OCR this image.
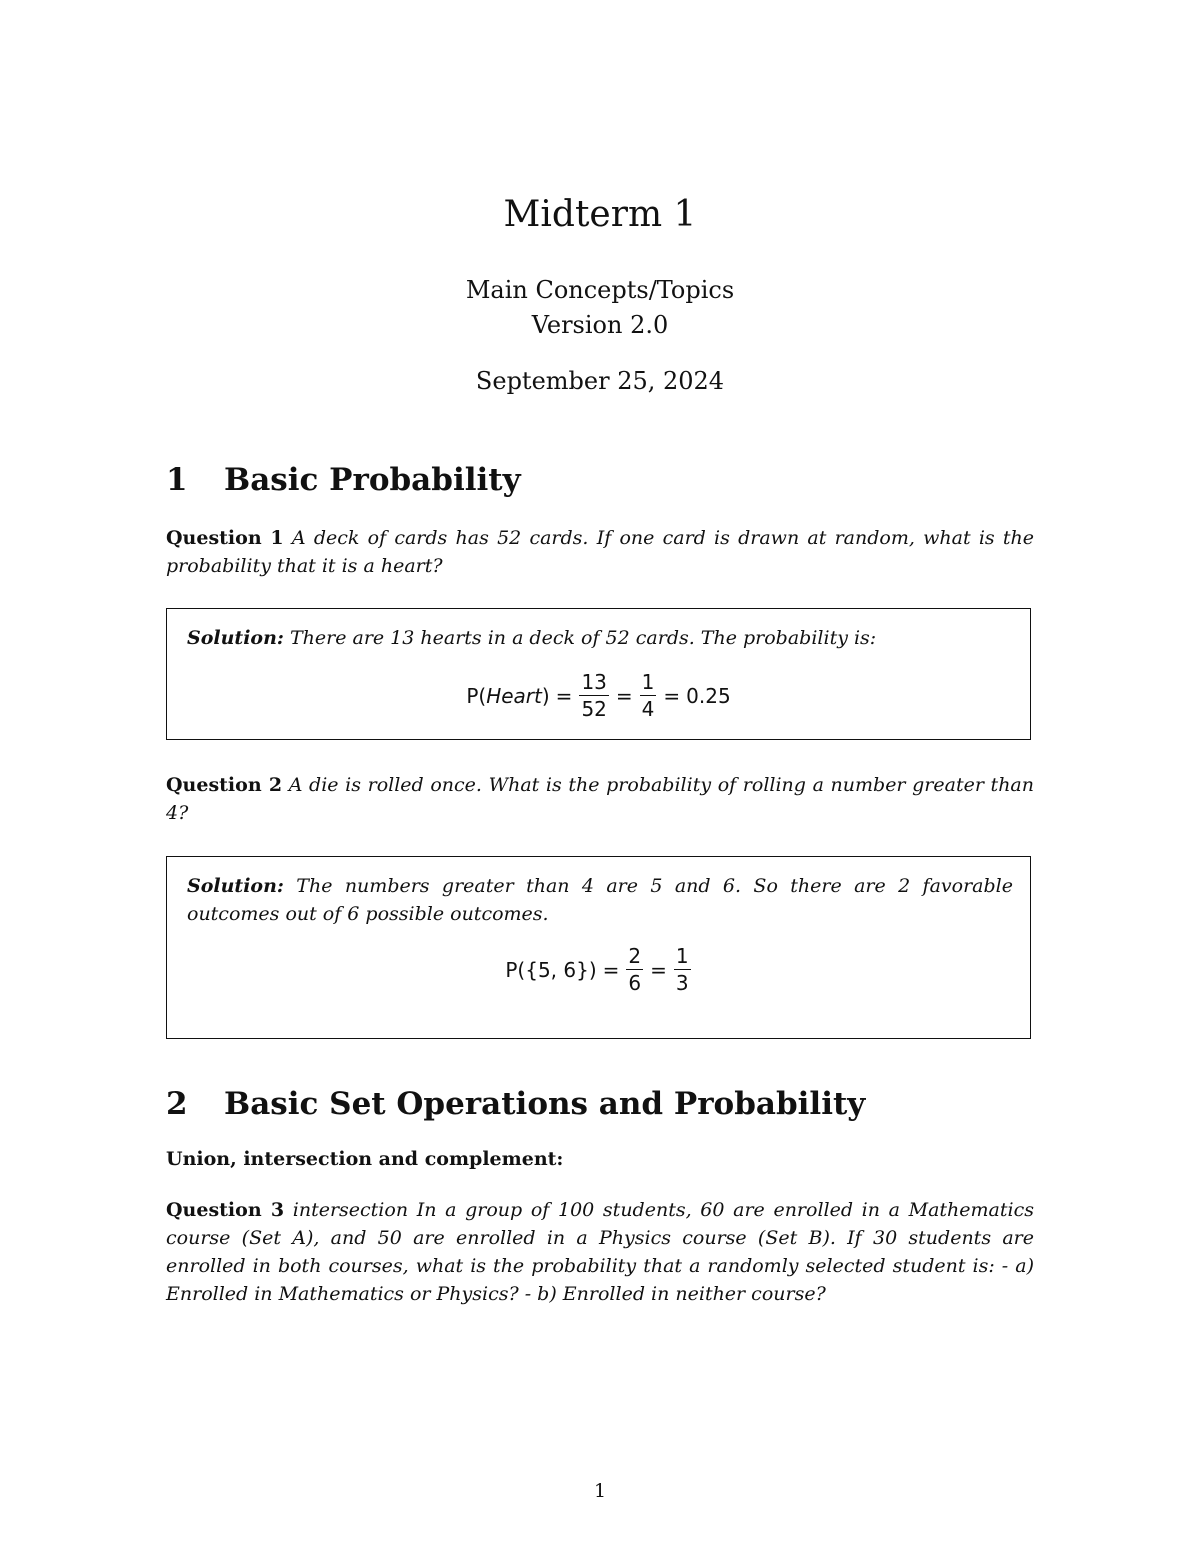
Midterm 1
Main Concepts/Topics
Version 2.0
September 25, 2024
1 Basic Probability
Question 1 A deck of cards has 52 cards. If one card is drawn at random, what is the probability that it is a heart?
Solution: There are 13 hearts in a deck of 52 cards. The probability is:
P(Heart) = $\frac{13}{52} = \frac{1}{4} = 0.25$
Question 2 A die is rolled once. What is the probability of rolling a number greater than 4?
Solution: The numbers greater than 4 are 5 and 6. So there are 2 favorable outcomes out of 6 possible outcomes.
P({5, $6\}) = \frac{2}{6} = \frac{1}{3}$
2 Basic Set Operations and Probability
Union, intersection and complement:
Question 3 intersection In a group of 100 students, 60 are enrolled in a Mathematics course (Set A), and 50 are enrolled in a Physics course (Set B). If 30 students are enrolled in both courses, what is the probability that a randomly selected student is: - a) Enrolled in Mathematics or Physics? - b) Enrolled in neither course?
1
